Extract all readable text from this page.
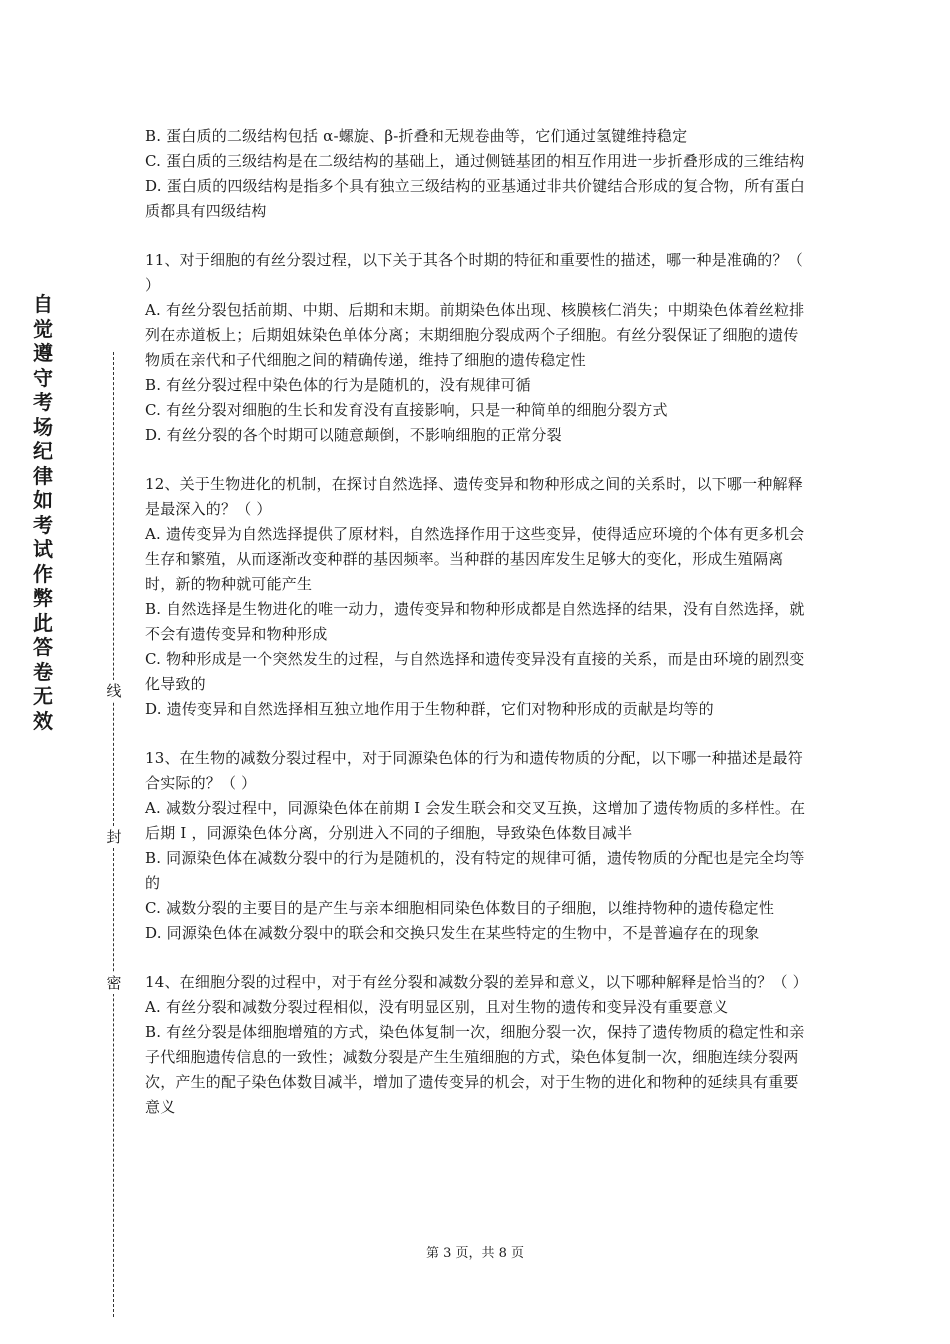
自觉遵守考场纪律如考试作弊此答卷无效
线
封
密

B. 蛋白质的二级结构包括 α-螺旋、β-折叠和无规卷曲等，它们通过氢键维持稳定

C. 蛋白质的三级结构是在二级结构的基础上，通过侧链基团的相互作用进一步折叠形成的三维结构

D. 蛋白质的四级结构是指多个具有独立三级结构的亚基通过非共价键结合形成的复合物，所有蛋白质都具有四级结构

11、对于细胞的有丝分裂过程，以下关于其各个时期的特征和重要性的描述，哪一种是准确的？（ ）

A. 有丝分裂包括前期、中期、后期和末期。前期染色体出现、核膜核仁消失；中期染色体着丝粒排列在赤道板上；后期姐妹染色单体分离；末期细胞分裂成两个子细胞。有丝分裂保证了细胞的遗传物质在亲代和子代细胞之间的精确传递，维持了细胞的遗传稳定性

B. 有丝分裂过程中染色体的行为是随机的，没有规律可循

C. 有丝分裂对细胞的生长和发育没有直接影响，只是一种简单的细胞分裂方式

D. 有丝分裂的各个时期可以随意颠倒，不影响细胞的正常分裂

12、关于生物进化的机制，在探讨自然选择、遗传变异和物种形成之间的关系时，以下哪一种解释是最深入的？（ ）

A. 遗传变异为自然选择提供了原材料，自然选择作用于这些变异，使得适应环境的个体有更多机会生存和繁殖，从而逐渐改变种群的基因频率。当种群的基因库发生足够大的变化，形成生殖隔离时，新的物种就可能产生

B. 自然选择是生物进化的唯一动力，遗传变异和物种形成都是自然选择的结果，没有自然选择，就不会有遗传变异和物种形成

C. 物种形成是一个突然发生的过程，与自然选择和遗传变异没有直接的关系，而是由环境的剧烈变化导致的

D. 遗传变异和自然选择相互独立地作用于生物种群，它们对物种形成的贡献是均等的

13、在生物的减数分裂过程中，对于同源染色体的行为和遗传物质的分配，以下哪一种描述是最符合实际的？（ ）

A. 减数分裂过程中，同源染色体在前期 Ⅰ 会发生联会和交叉互换，这增加了遗传物质的多样性。在后期 Ⅰ ，同源染色体分离，分别进入不同的子细胞，导致染色体数目减半

B. 同源染色体在减数分裂中的行为是随机的，没有特定的规律可循，遗传物质的分配也是完全均等的

C. 减数分裂的主要目的是产生与亲本细胞相同染色体数目的子细胞，以维持物种的遗传稳定性

D. 同源染色体在减数分裂中的联会和交换只发生在某些特定的生物中，不是普遍存在的现象

14、在细胞分裂的过程中，对于有丝分裂和减数分裂的差异和意义，以下哪种解释是恰当的？（ ）

A. 有丝分裂和减数分裂过程相似，没有明显区别，且对生物的遗传和变异没有重要意义

B. 有丝分裂是体细胞增殖的方式，染色体复制一次，细胞分裂一次，保持了遗传物质的稳定性和亲子代细胞遗传信息的一致性；减数分裂是产生生殖细胞的方式，染色体复制一次，细胞连续分裂两次，产生的配子染色体数目减半，增加了遗传变异的机会，对于生物的进化和物种的延续具有重要意义

第 3 页，共 8 页
